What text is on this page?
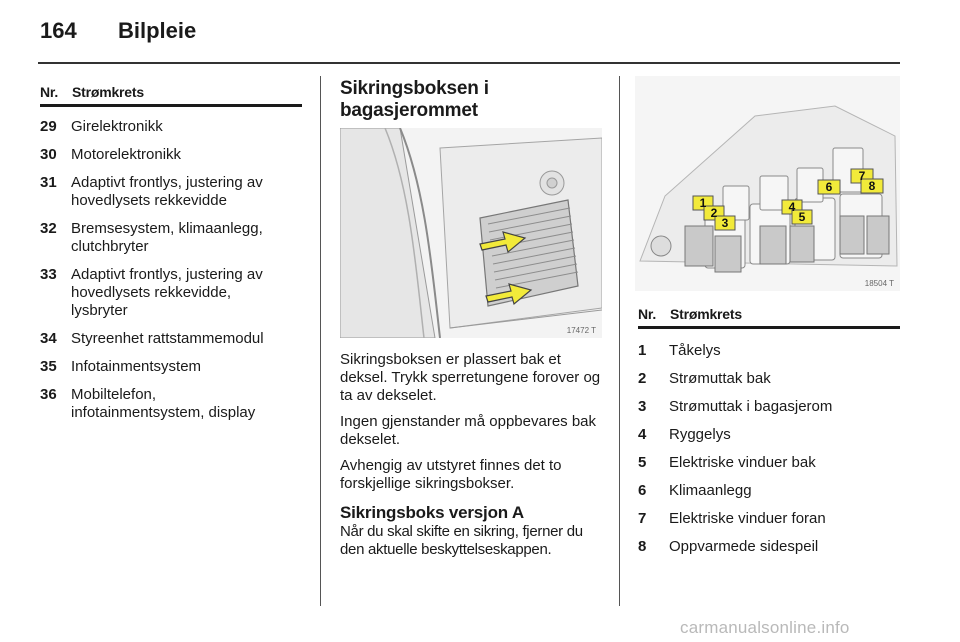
164 Bilpleie
Nr. Strømkrets
29 Girelektronikk
30 Motorelektronikk
31 Adaptivt frontlys, justering av hovedlysets rekkevidde
32 Bremsesystem, klimaanlegg, clutchbryter
33 Adaptivt frontlys, justering av hovedlysets rekkevidde, lysbryter
34 Styreenhet rattstammemodul
35 Infotainmentsystem
36 Mobiltelefon, infotainmentsystem, display
Sikringsboksen i bagasjerommet
17472 T

Sikringsboksen er plassert bak et deksel. Trykk sperretungene forover og ta av dekselet.

Ingen gjenstander må oppbevares bak dekselet.

Avhengig av utstyret finnes det to forskjellige sikringsbokser.

Sikringsboks versjon A

Når du skal skifte en sikring, fjerner du den aktuelle beskyttelseskappen.

1
2
3
4
5
6
7
8
18504 T
Nr. Strømkrets
1	Tåkelys
2	Strømuttak bak
3	Strømuttak i bagasjerom
4	Ryggelys
5	Elektriske vinduer bak
6	Klimaanlegg
7	Elektriske vinduer foran
8	Oppvarmede sidespeil
carmanualsonline.info
